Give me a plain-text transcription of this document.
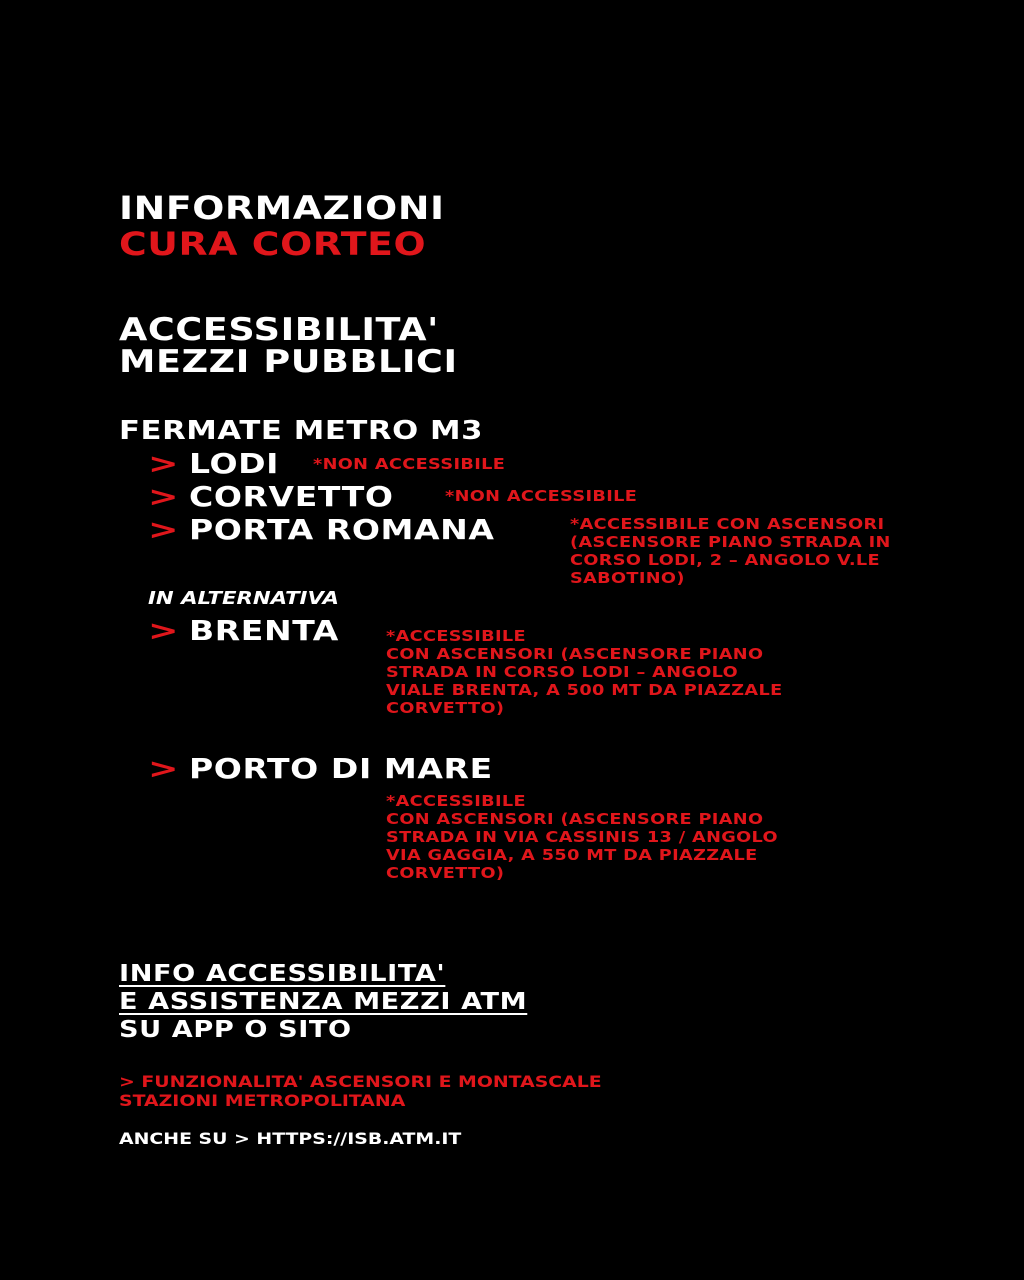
INFORMAZIONI
CURA CORTEO
ACCESSIBILITA'
MEZZI PUBBLICI
FERMATE METRO M3
> LODI *NON ACCESSIBILE
> CORVETTO	*NON ACCESSIBILE
> PORTA ROMANA	*ACCESSIBILE CON ASCENSORI
(ASCENSORE PIANO STRADA IN
CORSO LODI, 2 – ANGOLO V.LE
SABOTINO)
IN ALTERNATIVA
> BRENTA	*ACCESSIBILE
CON ASCENSORI (ASCENSORE PIANO
STRADA IN CORSO LODI – ANGOLO
VIALE BRENTA, A 500 MT DA PIAZZALE
CORVETTO)
> PORTO DI MARE
*ACCESSIBILE
CON ASCENSORI (ASCENSORE PIANO
STRADA IN VIA CASSINIS 13 / ANGOLO
VIA GAGGIA, A 550 MT DA PIAZZALE
CORVETTO)
INFO ACCESSIBILITA'
E ASSISTENZA MEZZI ATM
SU APP O SITO
> FUNZIONALITA' ASCENSORI E MONTASCALE
STAZIONI METROPOLITANA
ANCHE SU > HTTPS://ISB.ATM.IT
